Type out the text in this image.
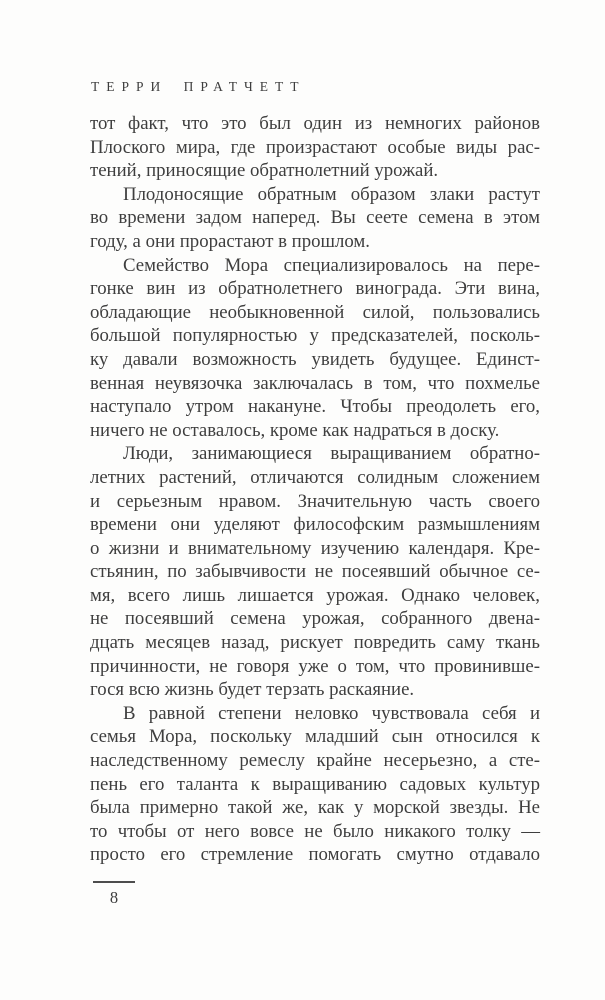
ТЕРРИ ПРАТЧЕТТ
тот факт, что это был один из немногих районов
Плоского мира, где произрастают особые виды рас-
тений, приносящие обратнолетний урожай.
Плодоносящие обратным образом злаки растут
во времени задом наперед. Вы сеете семена в этом
году, а они прорастают в прошлом.
Семейство Мора специализировалось на пере-
гонке вин из обратнолетнего винограда. Эти вина,
обладающие необыкновенной силой, пользовались
большой популярностью у предсказателей, посколь-
ку давали возможность увидеть будущее. Единст-
венная неувязочка заключалась в том, что похмелье
наступало утром накануне. Чтобы преодолеть его,
ничего не оставалось, кроме как надраться в доску.
Люди, занимающиеся выращиванием обратно-
летних растений, отличаются солидным сложением
и серьезным нравом. Значительную часть своего
времени они уделяют философским размышлениям
о жизни и внимательному изучению календаря. Кре-
стьянин, по забывчивости не посеявший обычное се-
мя, всего лишь лишается урожая. Однако человек,
не посеявший семена урожая, собранного двена-
дцать месяцев назад, рискует повредить саму ткань
причинности, не говоря уже о том, что провинивше-
гося всю жизнь будет терзать раскаяние.
В равной степени неловко чувствовала себя и
семья Мора, поскольку младший сын относился к
наследственному ремеслу крайне несерьезно, а сте-
пень его таланта к выращиванию садовых культур
была примерно такой же, как у морской звезды. Не
то чтобы от него вовсе не было никакого толку —
просто его стремление помогать смутно отдавало
8
